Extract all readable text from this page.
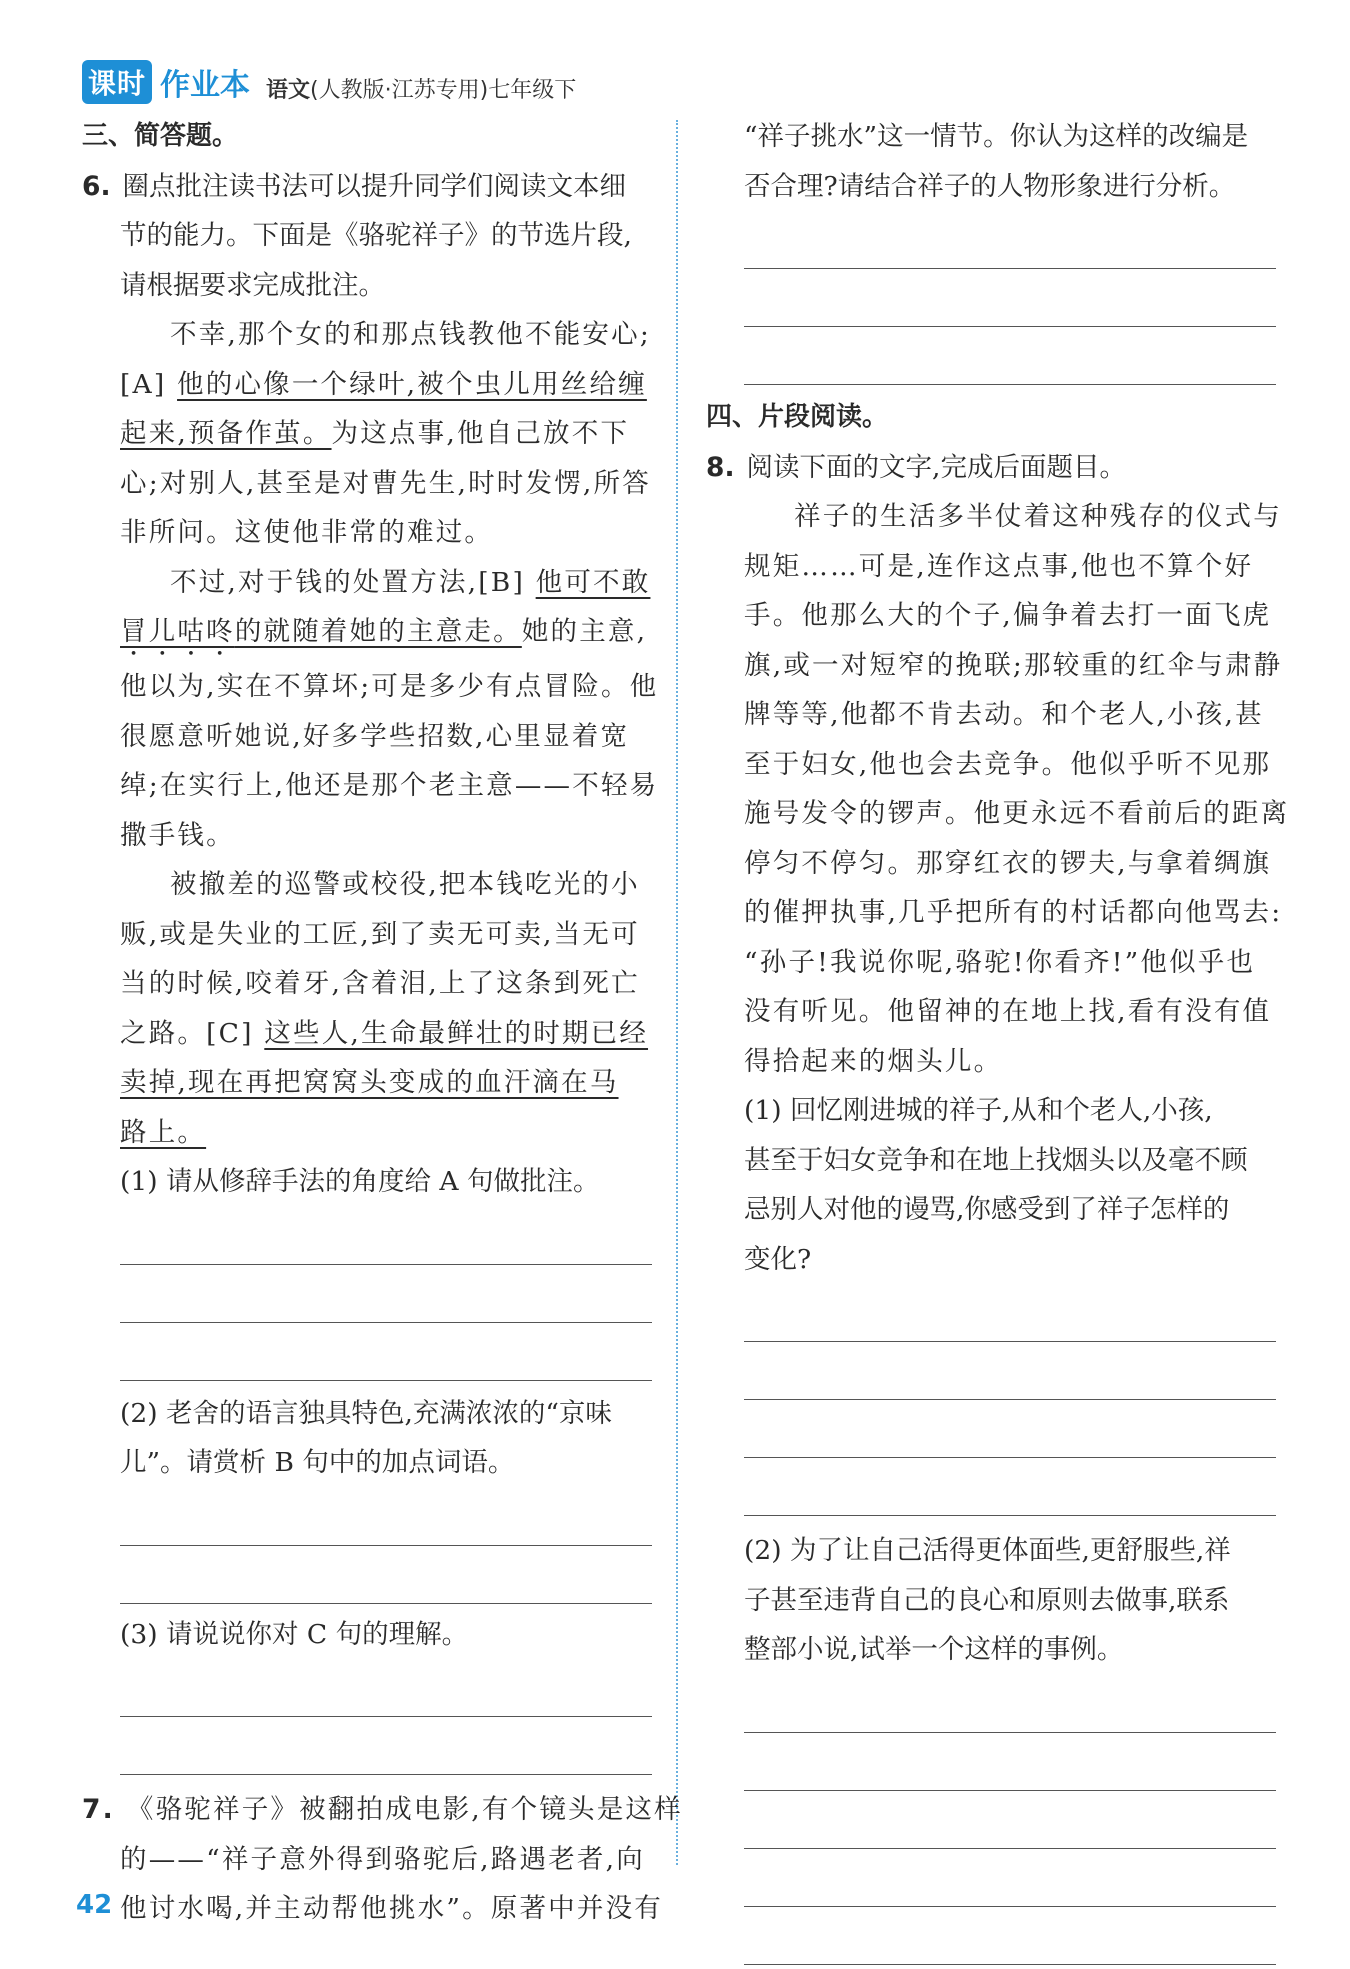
课时 作业本 语文(人教版·江苏专用)七年级下
三、简答题。
6. 圈点批注读书法可以提升同学们阅读文本细
节的能力。下面是《骆驼祥子》的节选片段,
请根据要求完成批注。
不幸,那个女的和那点钱教他不能安心;
[A] 他的心像一个绿叶,被个虫儿用丝给缠
起来,预备作茧。为这点事,他自己放不下
心;对别人,甚至是对曹先生,时时发愣,所答
非所问。这使他非常的难过。
不过,对于钱的处置方法,[B] 他可不敢
冒儿咕咚的就随着她的主意走。她的主意,
他以为,实在不算坏;可是多少有点冒险。他
很愿意听她说,好多学些招数,心里显着宽
绰;在实行上,他还是那个老主意——不轻易
撒手钱。
被撤差的巡警或校役,把本钱吃光的小
贩,或是失业的工匠,到了卖无可卖,当无可
当的时候,咬着牙,含着泪,上了这条到死亡
之路。[C] 这些人,生命最鲜壮的时期已经
卖掉,现在再把窝窝头变成的血汗滴在马
路上。
(1) 请从修辞手法的角度给 A 句做批注。
(2) 老舍的语言独具特色,充满浓浓的“京味
儿”。请赏析 B 句中的加点词语。
(3) 请说说你对 C 句的理解。
7. 《骆驼祥子》被翻拍成电影,有个镜头是这样
的——“祥子意外得到骆驼后,路遇老者,向
他讨水喝,并主动帮他挑水”。原著中并没有
“祥子挑水”这一情节。你认为这样的改编是
否合理?请结合祥子的人物形象进行分析。
四、片段阅读。
8. 阅读下面的文字,完成后面题目。
祥子的生活多半仗着这种残存的仪式与
规矩……可是,连作这点事,他也不算个好
手。他那么大的个子,偏争着去打一面飞虎
旗,或一对短窄的挽联;那较重的红伞与肃静
牌等等,他都不肯去动。和个老人,小孩,甚
至于妇女,他也会去竞争。他似乎听不见那
施号发令的锣声。他更永远不看前后的距离
停匀不停匀。那穿红衣的锣夫,与拿着绸旗
的催押执事,几乎把所有的村话都向他骂去:
“孙子!我说你呢,骆驼!你看齐!”他似乎也
没有听见。他留神的在地上找,看有没有值
得拾起来的烟头儿。
(1) 回忆刚进城的祥子,从和个老人,小孩,
甚至于妇女竞争和在地上找烟头以及毫不顾
忌别人对他的谩骂,你感受到了祥子怎样的
变化?
(2) 为了让自己活得更体面些,更舒服些,祥
子甚至违背自己的良心和原则去做事,联系
整部小说,试举一个这样的事例。
42
